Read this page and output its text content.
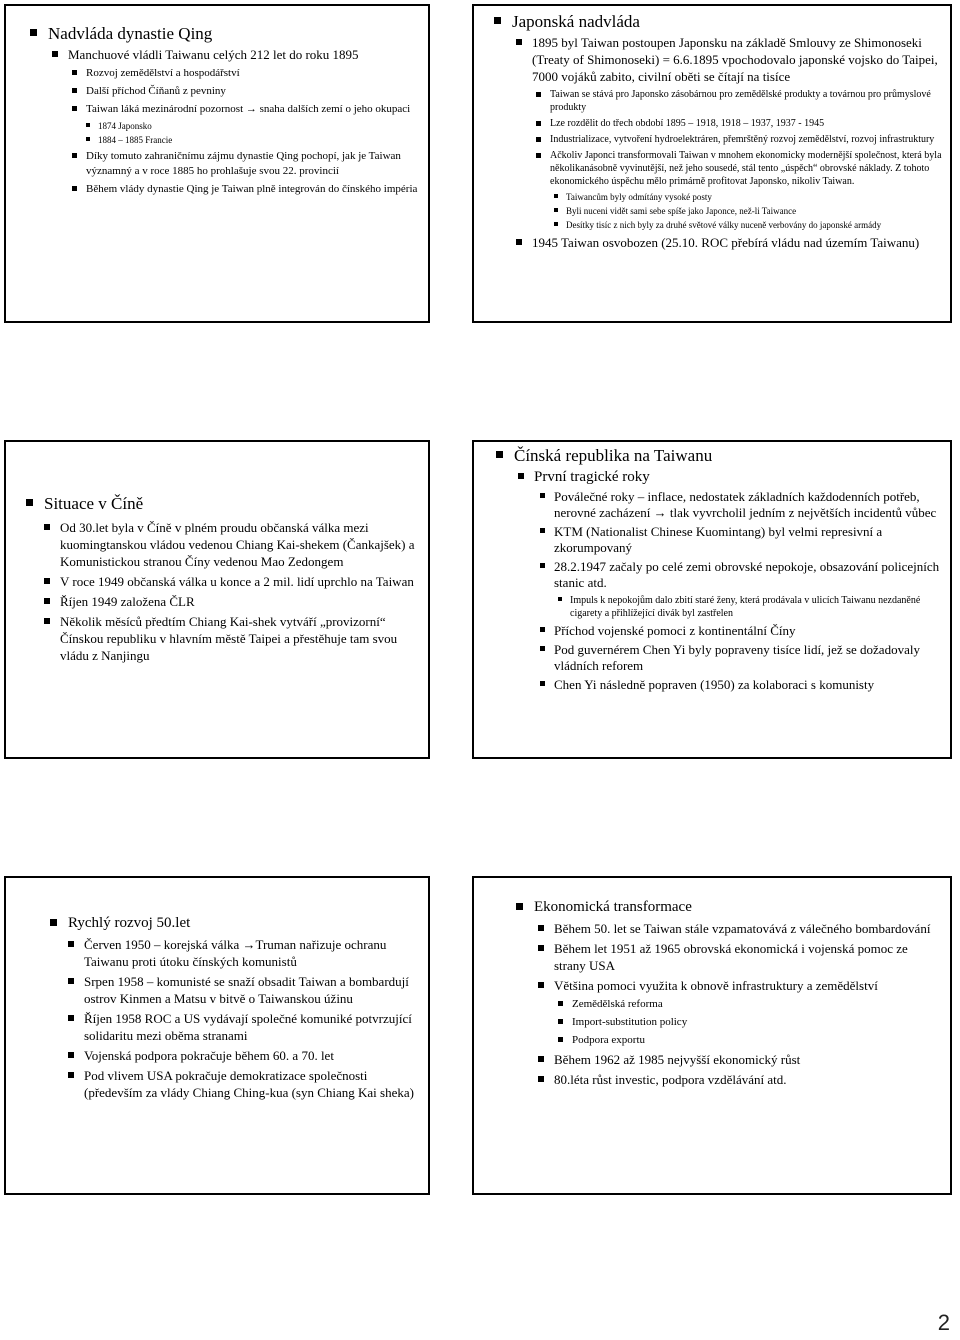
Nadvláda dynastie Qing
Manchuové vládli Taiwanu celých 212 let do roku 1895
Rozvoj zemědělství a hospodářství
Další příchod Číňanů z pevniny
Taiwan láká mezinárodní pozornost → snaha dalších zemí o jeho okupaci
1874 Japonsko
1884 – 1885 Francie
Díky tomuto zahraničnímu zájmu dynastie Qing pochopí, jak je Taiwan významný a v roce 1885 ho prohlašuje svou 22. provincií
Během vlády dynastie Qing je Taiwan plně integrován do čínského impéria
Japonská nadvláda
1895 byl Taiwan postoupen Japonsku na základě Smlouvy ze Shimonoseki (Treaty of Shimonoseki) = 6.6.1895 vpochodovalo japonské vojsko do Taipei, 7000 vojáků zabito, civilní oběti se čítají na tisíce
Taiwan se stává pro Japonsko zásobárnou pro zemědělské produkty a továrnou pro průmyslové produkty
Lze rozdělit do třech období 1895 – 1918, 1918 – 1937, 1937 - 1945
Industrializace, vytvoření hydroelektráren, přemrštěný rozvoj zemědělství, rozvoj infrastruktury
Ačkoliv Japonci transformovali Taiwan v mnohem ekonomicky modernější společnost, která byla několikanásobně vyvinutější, než jeho sousedé, stál tento „úspěch“ obrovské náklady. Z tohoto ekonomického úspěchu mělo primárně profitovat Japonsko, nikoliv Taiwan.
Taiwancům byly odmítány vysoké posty
Byli nuceni vidět sami sebe spíše jako Japonce, než-li Taiwance
Desítky tisíc z nich byly za druhé světové války nuceně verbovány do japonské armády
1945 Taiwan osvobozen (25.10. ROC přebírá vládu nad územím Taiwanu)
Situace v Číně
Od 30.let byla v Číně v plném proudu občanská válka mezi kuomingtanskou vládou vedenou Chiang Kai-shekem (Čankajšek) a Komunistickou stranou Číny vedenou Mao Zedongem
V roce 1949 občanská válka u konce a 2 mil. lidí uprchlo na Taiwan
Říjen 1949 založena ČLR
Několik měsíců předtím Chiang Kai-shek vytváří „provizorní“ Čínskou republiku v hlavním městě Taipei a přestěhuje tam svou vládu z Nanjingu
Čínská republika na Taiwanu
První tragické roky
Poválečné roky – inflace, nedostatek základních každodenních potřeb, nerovné zacházení → tlak vyvrcholil jedním z největších incidentů vůbec
KTM (Nationalist Chinese Kuomintang) byl velmi represivní a zkorumpovaný
28.2.1947 začaly po celé zemi obrovské nepokoje, obsazování policejních stanic atd.
Impuls k nepokojům dalo zbití staré ženy, která prodávala v ulicích Taiwanu nezdaněné cigarety a přihlížející divák byl zastřelen
Příchod vojenské pomoci z kontinentální Číny
Pod guvernérem Chen Yi byly popraveny tisíce lidí, jež se dožadovaly vládních reforem
Chen Yi následně popraven (1950) za kolaboraci s komunisty
Rychlý rozvoj 50.let
Červen 1950 – korejská válka →Truman nařizuje ochranu Taiwanu proti útoku čínských komunistů
Srpen 1958 – komunisté se snaží obsadit Taiwan a bombardují ostrov Kinmen a Matsu v bitvě o Taiwanskou úžinu
Říjen 1958 ROC a US vydávají společné komuniké potvrzující solidaritu mezi oběma stranami
Vojenská podpora pokračuje během 60. a 70. let
Pod vlivem USA pokračuje demokratizace společnosti (především za vlády Chiang Ching-kua (syn Chiang Kai sheka)
Ekonomická transformace
Během 50. let se Taiwan stále vzpamatovává z válečného bombardování
Během let 1951 až 1965 obrovská ekonomická i vojenská pomoc ze strany USA
Většina pomoci využita k obnově infrastruktury a zemědělství
Zemědělská reforma
Import-substitution policy
Podpora exportu
Během 1962 až 1985 nejvyšší ekonomický růst
80.léta růst investic, podpora vzdělávání atd.
2
